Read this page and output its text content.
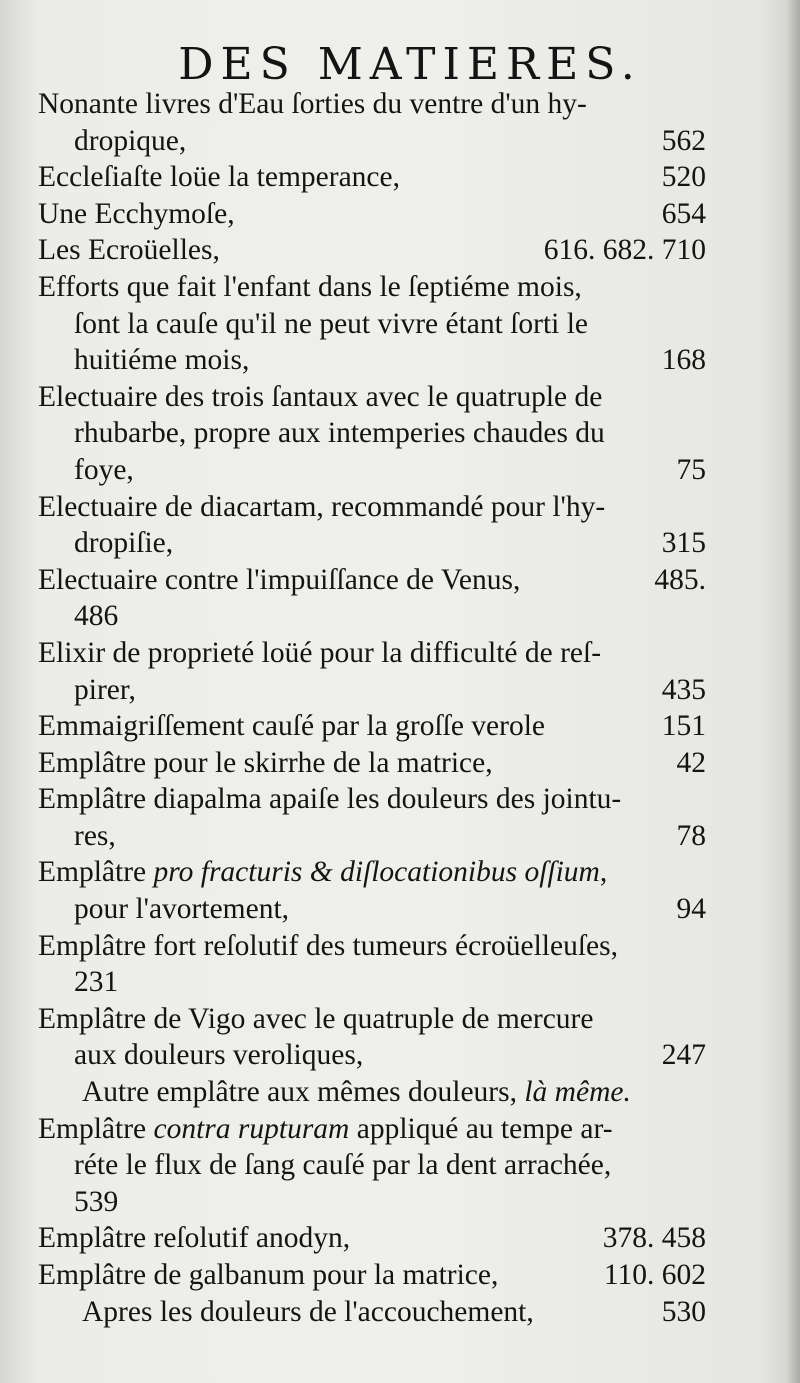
DES MATIERES.
Nonante livres d'Eau ſorties du ventre d'un hy-
dropique,	562
Eccleſiaſte loüe la temperance,	520
Une Ecchymoſe,	654
Les Ecroüelles,	616. 682. 710
Efforts que fait l'enfant dans le ſeptiéme mois,
ſont la cauſe qu'il ne peut vivre étant ſorti le
huitiéme mois,	168
Electuaire des trois ſantaux avec le quatruple de
rhubarbe, propre aux intemperies chaudes du
foye,	75
Electuaire de diacartam, recommandé pour l'hy-
dropiſie,	315
Electuaire contre l'impuiſſance de Venus,	485.
486
Elixir de proprieté loüé pour la difficulté de reſ-
pirer,	435
Emmaigriſſement cauſé par la groſſe verole	151
Emplâtre pour le skirrhe de la matrice,	42
Emplâtre diapalma apaiſe les douleurs des jointu-
res,	78
Emplâtre pro fracturis & diſlocationibus oſſium,
pour l'avortement,	94
Emplâtre fort reſolutif des tumeurs écroüelleuſes,
231
Emplâtre de Vigo avec le quatruple de mercure
aux douleurs veroliques,	247
Autre emplâtre aux mêmes douleurs, là même.
Emplâtre contra rupturam appliqué au tempe ar-
réte le flux de ſang cauſé par la dent arrachée,
539
Emplâtre reſolutif anodyn,	378. 458
Emplâtre de galbanum pour la matrice,	110. 602
Apres les douleurs de l'accouchement,	530
